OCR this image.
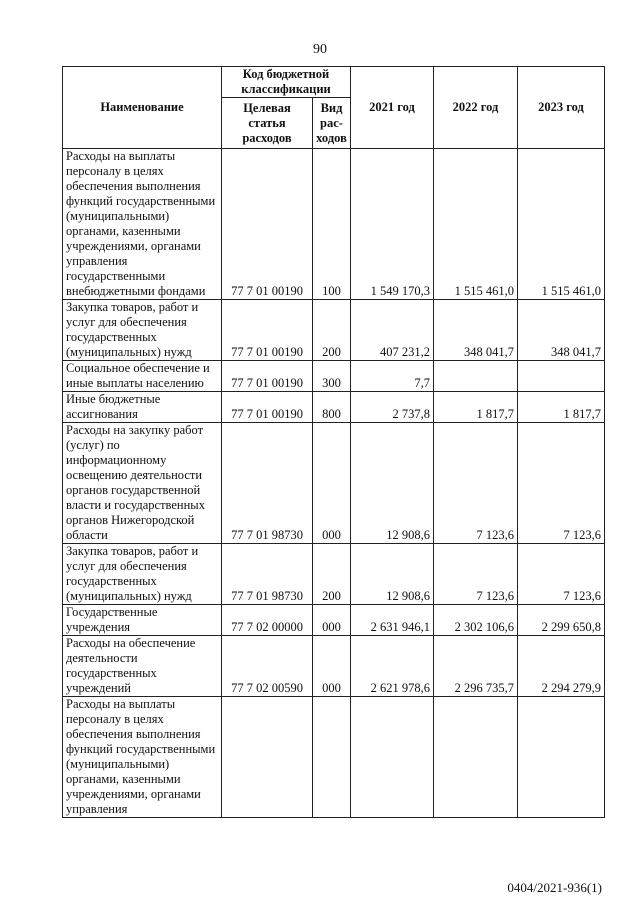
90
Наименование	Код бюджетной классификации		2021 год	2022 год	2023 год
	Целевая статья расходов	Вид рас-ходов			
Расходы на выплаты персоналу в целях обеспечения выполнения функций государственными (муниципальными) органами, казенными учреждениями, органами управления государственными внебюджетными фондами	77 7 01 00190	100	1 549 170,3	1 515 461,0	1 515 461,0
Закупка товаров, работ и услуг для обеспечения государственных (муниципальных) нужд	77 7 01 00190	200	407 231,2	348 041,7	348 041,7
Социальное обеспечение и иные выплаты населению	77 7 01 00190	300	7,7		
Иные бюджетные ассигнования	77 7 01 00190	800	2 737,8	1 817,7	1 817,7
Расходы на закупку работ (услуг) по информационному освещению деятельности органов государственной власти и государственных органов Нижегородской области	77 7 01 98730	000	12 908,6	7 123,6	7 123,6
Закупка товаров, работ и услуг для обеспечения государственных (муниципальных) нужд	77 7 01 98730	200	12 908,6	7 123,6	7 123,6
Государственные учреждения	77 7 02 00000	000	2 631 946,1	2 302 106,6	2 299 650,8
Расходы на обеспечение деятельности государственных учреждений	77 7 02 00590	000	2 621 978,6	2 296 735,7	2 294 279,9
Расходы на выплаты персоналу в целях обеспечения выполнения функций государственными (муниципальными) органами, казенными учреждениями, органами управления					
0404/2021-936(1)
